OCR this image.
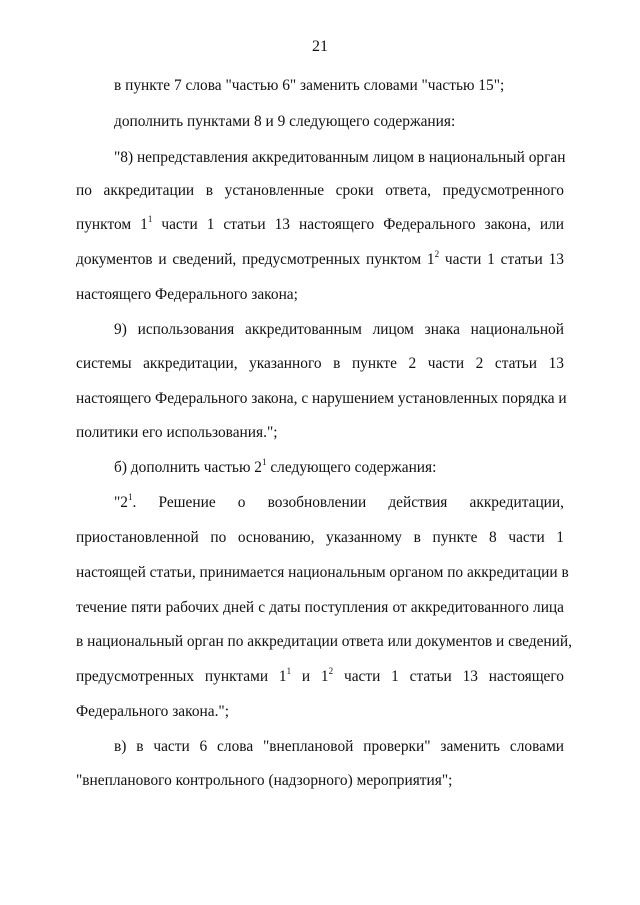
21
в пункте 7 слова "частью 6" заменить словами "частью 15";
дополнить пунктами 8 и 9 следующего содержания:
"8) непредставления аккредитованным лицом в национальный орган
по аккредитации в установленные сроки ответа, предусмотренного
пунктом $1^1$ части 1 статьи 13 настоящего Федерального закона, или
документов и сведений, предусмотренных пунктом $1^2$ части 1 статьи 13
настоящего Федерального закона;
9) использования аккредитованным лицом знака национальной
системы аккредитации, указанного в пункте 2 части 2 статьи 13
настоящего Федерального закона, с нарушением установленных порядка и
политики его использования.";
б) дополнить частью $2^1$ следующего содержания:
"$2^1$. Решение о возобновлении действия аккредитации,
приостановленной по основанию, указанному в пункте 8 части 1
настоящей статьи, принимается национальным органом по аккредитации в
течение пяти рабочих дней с даты поступления от аккредитованного лица
в национальный орган по аккредитации ответа или документов и сведений,
предусмотренных пунктами $1^1$ и $1^2$ части 1 статьи 13 настоящего
Федерального закона.";
в) в части 6 слова "внеплановой проверки" заменить словами
"внепланового контрольного (надзорного) мероприятия";
